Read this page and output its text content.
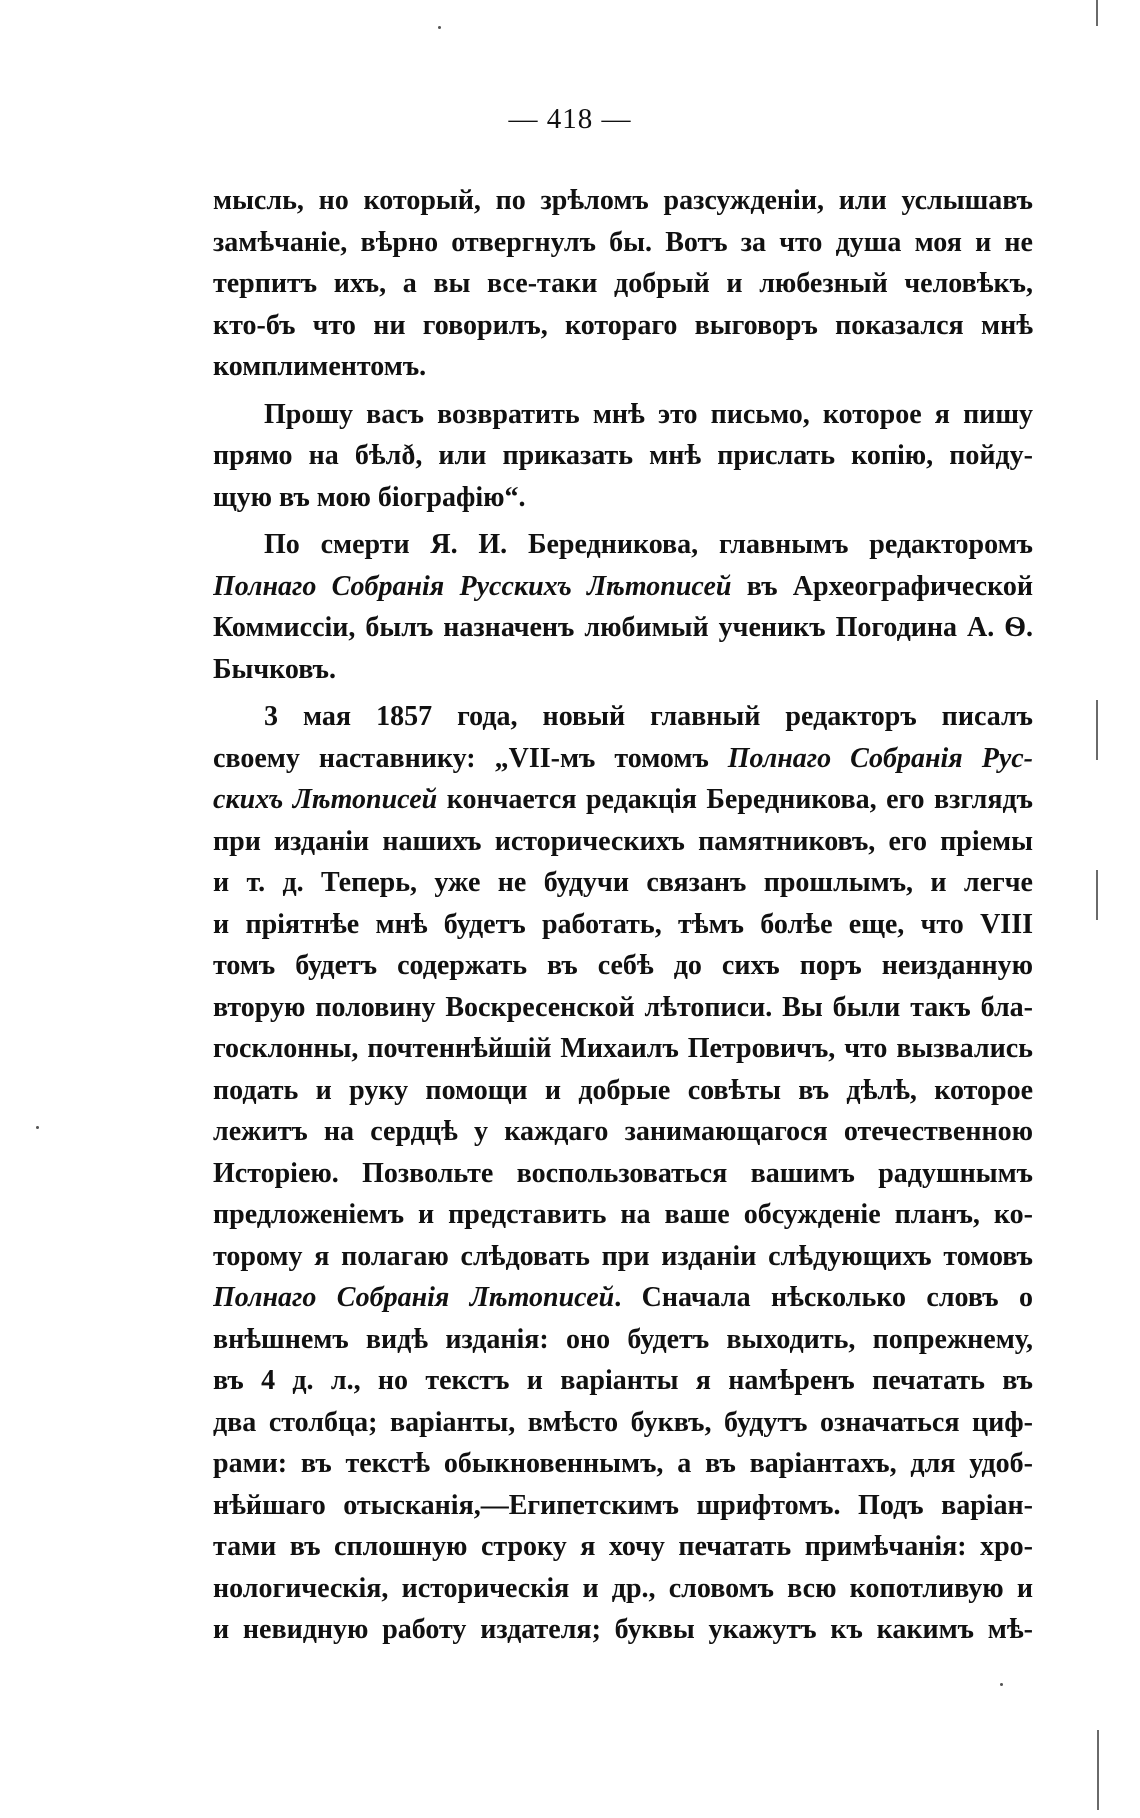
— 418 —
мысль, но который, по зрѣломъ разсужденіи, или услышавъ
замѣчаніе, вѣрно отвергнулъ бы. Вотъ за что душа моя и не
терпитъ ихъ, а вы все-таки добрый и любезный человѣкъ,
кто-бъ что ни говорилъ, котораго выговоръ показался мнѣ
комплиментомъ.
Прошу васъ возвратить мнѣ это письмо, которое я пишу
прямо на бѣлð, или приказать мнѣ прислать копію, пойду-
щую въ мою біографію“.
По смерти Я. И. Бередникова, главнымъ редакторомъ
Полнаго Собранія Русскихъ Лѣтописей въ Археографической
Коммиссіи, былъ назначенъ любимый ученикъ Погодина А. Ѳ.
Бычковъ.
3 мая 1857 года, новый главный редакторъ писалъ
своему наставнику: „VII-мъ томомъ Полнаго Собранія Рус-
скихъ Лѣтописей кончается редакція Бередникова, его взглядъ
при изданіи нашихъ историческихъ памятниковъ, его пріемы
и т. д. Теперь, уже не будучи связанъ прошлымъ, и легче
и пріятнѣе мнѣ будетъ работать, тѣмъ болѣе еще, что VIII
томъ будетъ содержать въ себѣ до сихъ поръ неизданную
вторую половину Воскресенской лѣтописи. Вы были такъ бла-
госклонны, почтеннѣйшій Михаилъ Петровичъ, что вызвались
подать и руку помощи и добрые совѣты въ дѣлѣ, которое
лежитъ на сердцѣ у каждаго занимающагося отечественною
Исторіею. Позвольте воспользоваться вашимъ радушнымъ
предложеніемъ и представить на ваше обсужденіе планъ, ко-
торому я полагаю слѣдовать при изданіи слѣдующихъ томовъ
Полнаго Собранія Лѣтописей. Сначала нѣсколько словъ о
внѣшнемъ видѣ изданія: оно будетъ выходить, попрежнему,
въ 4 д. л., но текстъ и варіанты я намѣренъ печатать въ
два столбца; варіанты, вмѣсто буквъ, будутъ означаться циф-
рами: въ текстѣ обыкновеннымъ, а въ варіантахъ, для удоб-
нѣйшаго отысканія,—Египетскимъ шрифтомъ. Подъ варіан-
тами въ сплошную строку я хочу печатать примѣчанія: хро-
нологическія, историческія и др., словомъ всю копотливую и
и невидную работу издателя; буквы укажутъ къ какимъ мѣ-
